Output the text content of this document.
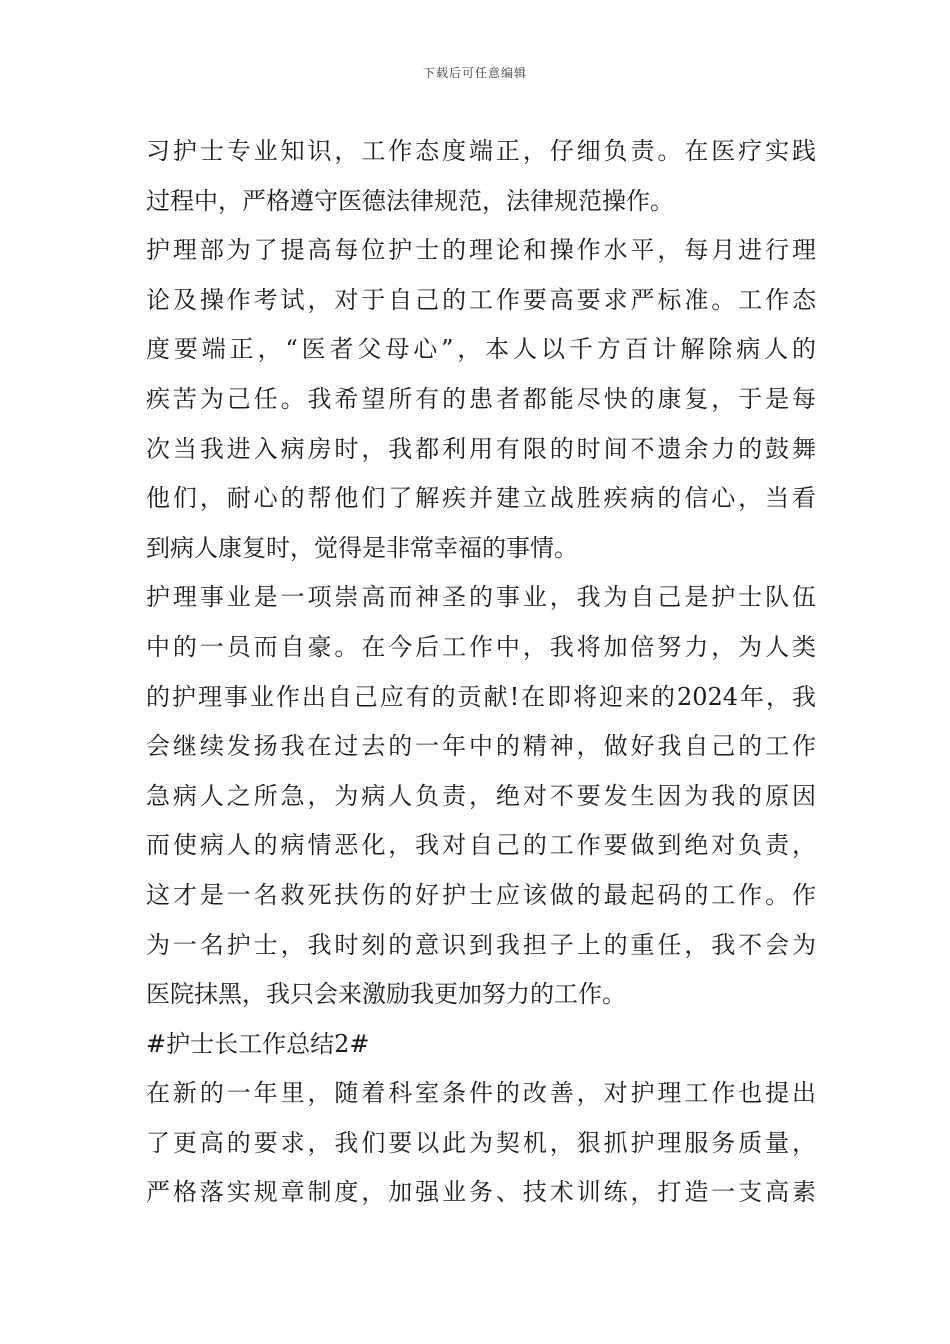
下载后可任意编辑
习护士专业知识，工作态度端正，仔细负责。在医疗实践
过程中，严格遵守医德法律规范，法律规范操作。
护理部为了提高每位护士的理论和操作水平，每月进行理
论及操作考试，对于自己的工作要高要求严标准。工作态
度要端正，“医者父母心”，本人以千方百计解除病人的
疾苦为己任。我希望所有的患者都能尽快的康复，于是每
次当我进入病房时，我都利用有限的时间不遗余力的鼓舞
他们，耐心的帮他们了解疾并建立战胜疾病的信心，当看
到病人康复时，觉得是非常幸福的事情。
护理事业是一项崇高而神圣的事业，我为自己是护士队伍
中的一员而自豪。在今后工作中，我将加倍努力，为人类
的护理事业作出自己应有的贡献!在即将迎来的2024年，我
会继续发扬我在过去的一年中的精神，做好我自己的工作
急病人之所急，为病人负责，绝对不要发生因为我的原因
而使病人的病情恶化，我对自己的工作要做到绝对负责，
这才是一名救死扶伤的好护士应该做的最起码的工作。作
为一名护士，我时刻的意识到我担子上的重任，我不会为
医院抹黑，我只会来激励我更加努力的工作。
#护士长工作总结2#
在新的一年里，随着科室条件的改善，对护理工作也提出
了更高的要求，我们要以此为契机，狠抓护理服务质量，
严格落实规章制度，加强业务、技术训练，打造一支高素
